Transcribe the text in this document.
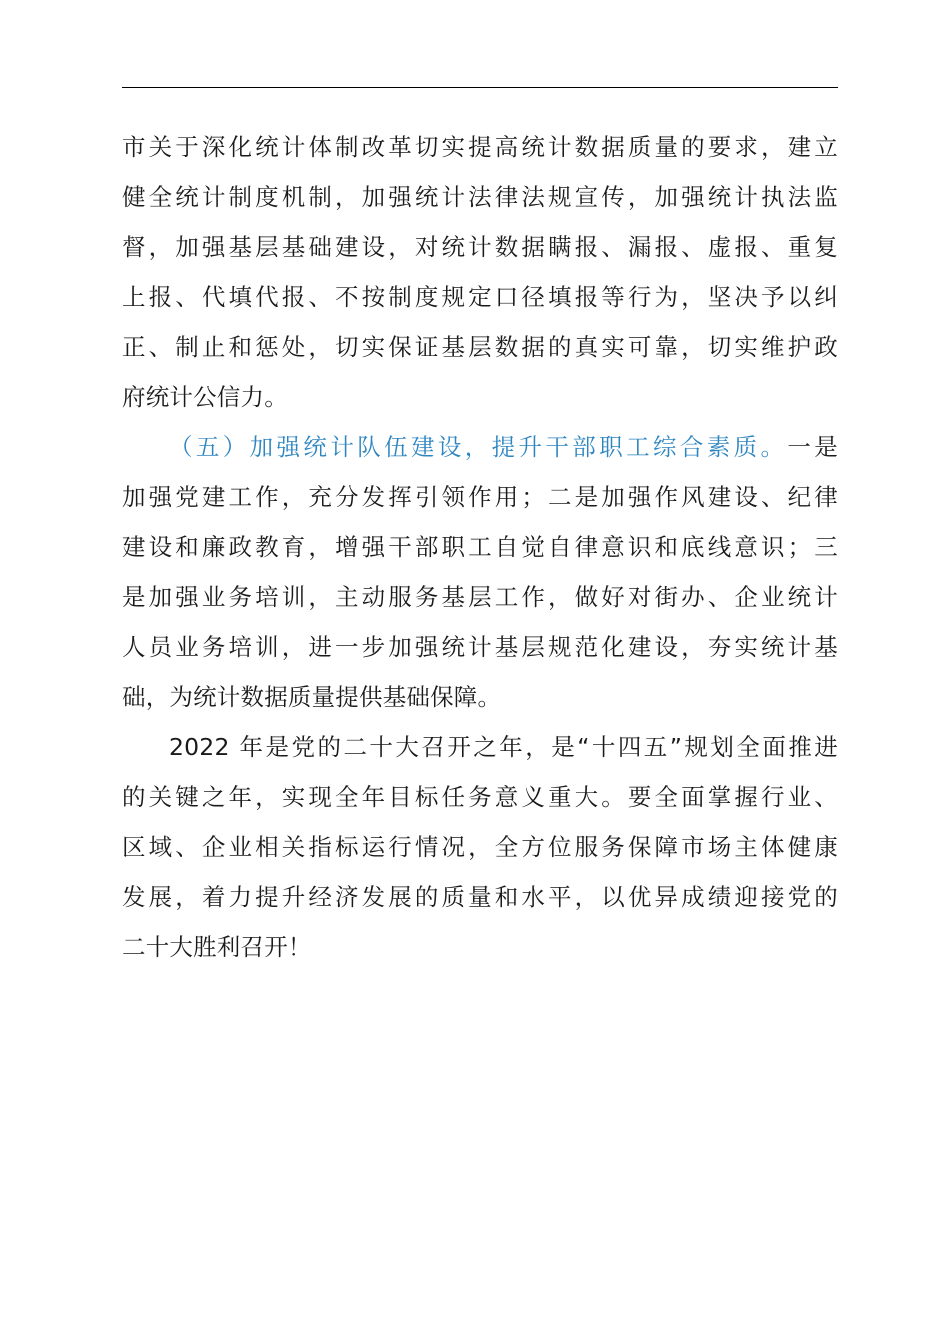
市关于深化统计体制改革切实提高统计数据质量的要求，建立
健全统计制度机制，加强统计法律法规宣传，加强统计执法监
督，加强基层基础建设，对统计数据瞒报、漏报、虚报、重复
上报、代填代报、不按制度规定口径填报等行为，坚决予以纠
正、制止和惩处，切实保证基层数据的真实可靠，切实维护政
府统计公信力。
（五）加强统计队伍建设，提升干部职工综合素质。一是
加强党建工作，充分发挥引领作用；二是加强作风建设、纪律
建设和廉政教育，增强干部职工自觉自律意识和底线意识；三
是加强业务培训，主动服务基层工作，做好对街办、企业统计
人员业务培训，进一步加强统计基层规范化建设，夯实统计基
础，为统计数据质量提供基础保障。
2022 年是党的二十大召开之年，是“十四五”规划全面推进
的关键之年，实现全年目标任务意义重大。要全面掌握行业、
区域、企业相关指标运行情况，全方位服务保障市场主体健康
发展，着力提升经济发展的质量和水平，以优异成绩迎接党的
二十大胜利召开！
